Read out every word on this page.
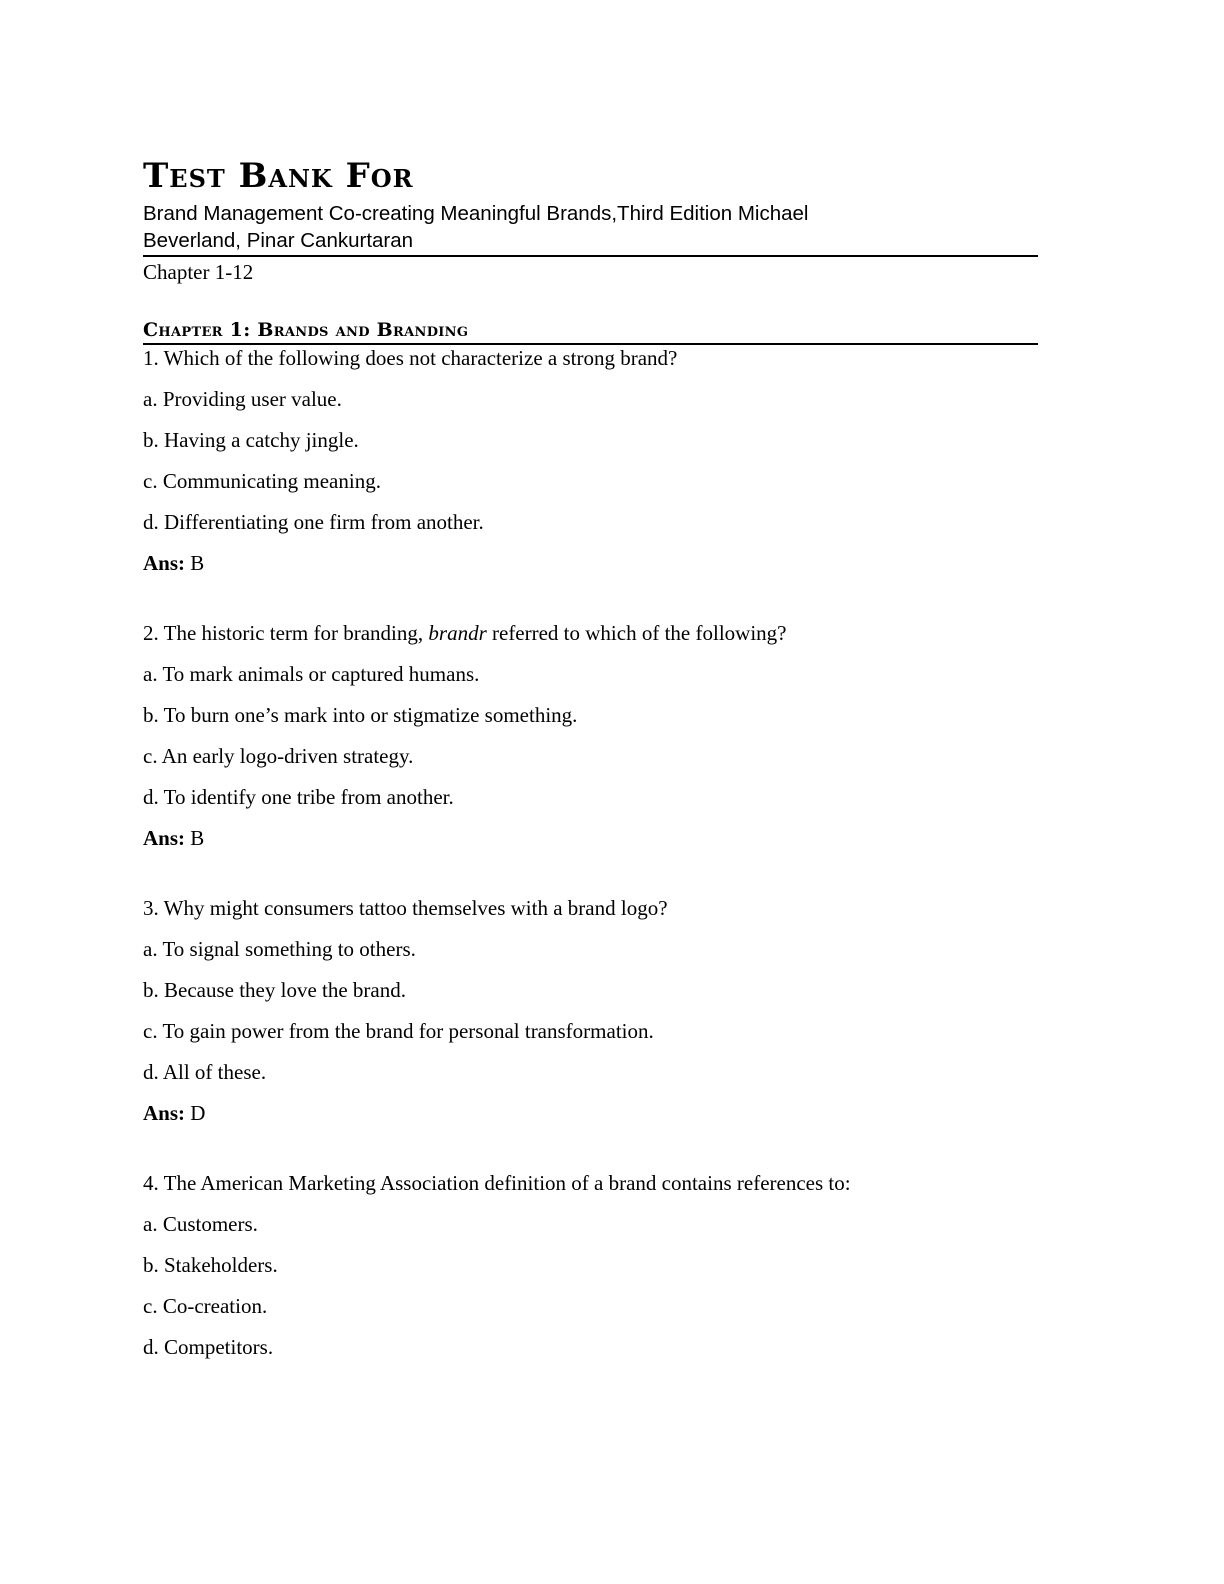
Test Bank For
Brand Management Co-creating Meaningful Brands,Third Edition Michael
Beverland, Pinar Cankurtaran

Chapter 1-12

Chapter 1: Brands and Branding

1. Which of the following does not characterize a strong brand?

a. Providing user value.

b. Having a catchy jingle.

c. Communicating meaning.

d. Differentiating one firm from another.

Ans: B

2. The historic term for branding, brandr referred to which of the following?

a. To mark animals or captured humans.

b. To burn one’s mark into or stigmatize something.

c. An early logo-driven strategy.

d. To identify one tribe from another.

Ans: B

3. Why might consumers tattoo themselves with a brand logo?

a. To signal something to others.

b. Because they love the brand.

c. To gain power from the brand for personal transformation.

d. All of these.

Ans: D

4. The American Marketing Association definition of a brand contains references to:

a. Customers.

b. Stakeholders.

c. Co-creation.

d. Competitors.
